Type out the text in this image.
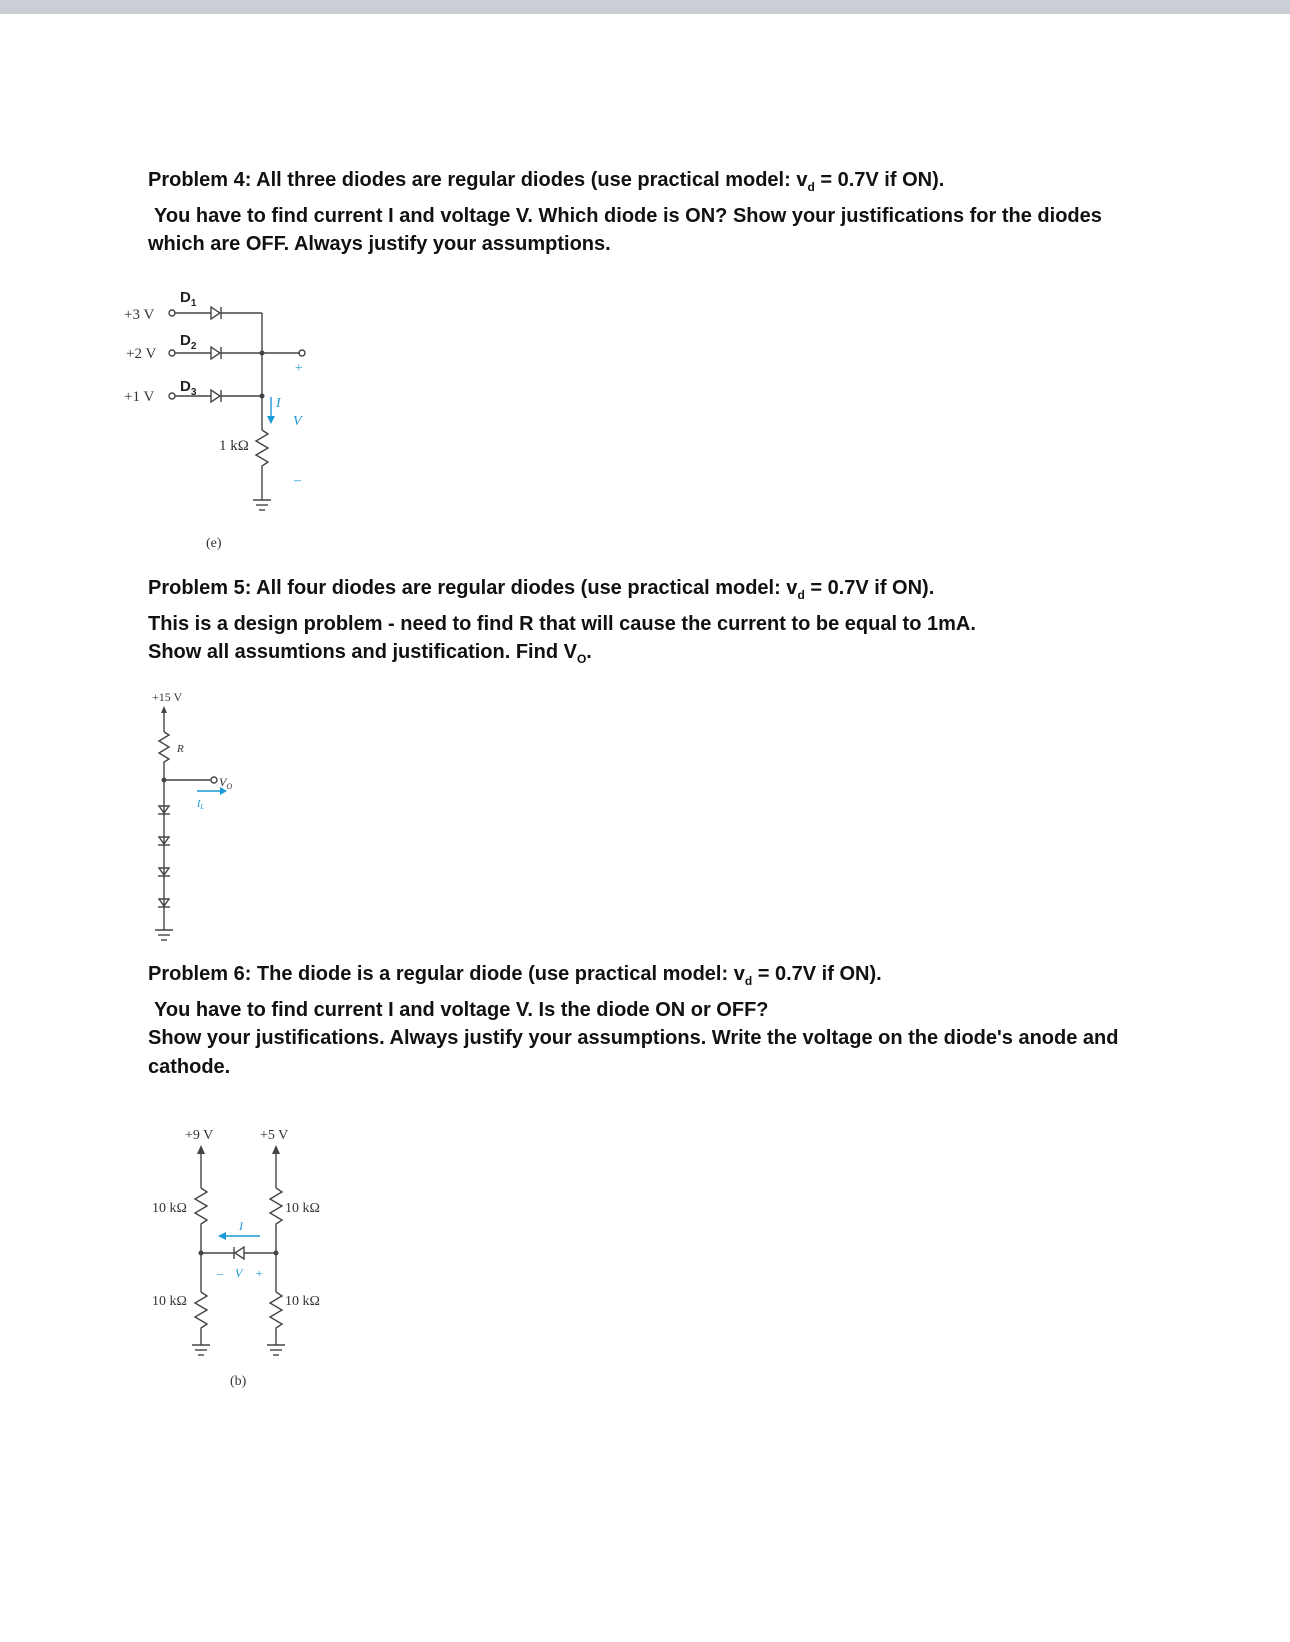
Problem 4: All three diodes are regular diodes (use practical model: $v_d = 0.7V$ if ON).
You have to find current I and voltage V. Which diode is ON? Show your justifications for the diodes
which are OFF. Always justify your assumptions.
+3 V
+2 V
+1 V
$D_1$
$D_2$
$D_3$
1 kΩ
I
+
V
–
(e)
Problem 5: All four diodes are regular diodes (use practical model: $v_d = 0.7V$ if ON).
This is a design problem - need to find R that will cause the current to be equal to 1mA.
Show all assumtions and justification. Find $V_O$.
+15 V
R
$V_O$
$I_L$
Problem 6: The diode is a regular diode (use practical model: $v_d = 0.7V$ if ON).
You have to find current I and voltage V. Is the diode ON or OFF?
Show your justifications. Always justify your assumptions. Write the voltage on the diode's anode and
cathode.
+9 V	+5 V
10 kΩ	10 kΩ
10 kΩ	10 kΩ
I
– V +
(b)
